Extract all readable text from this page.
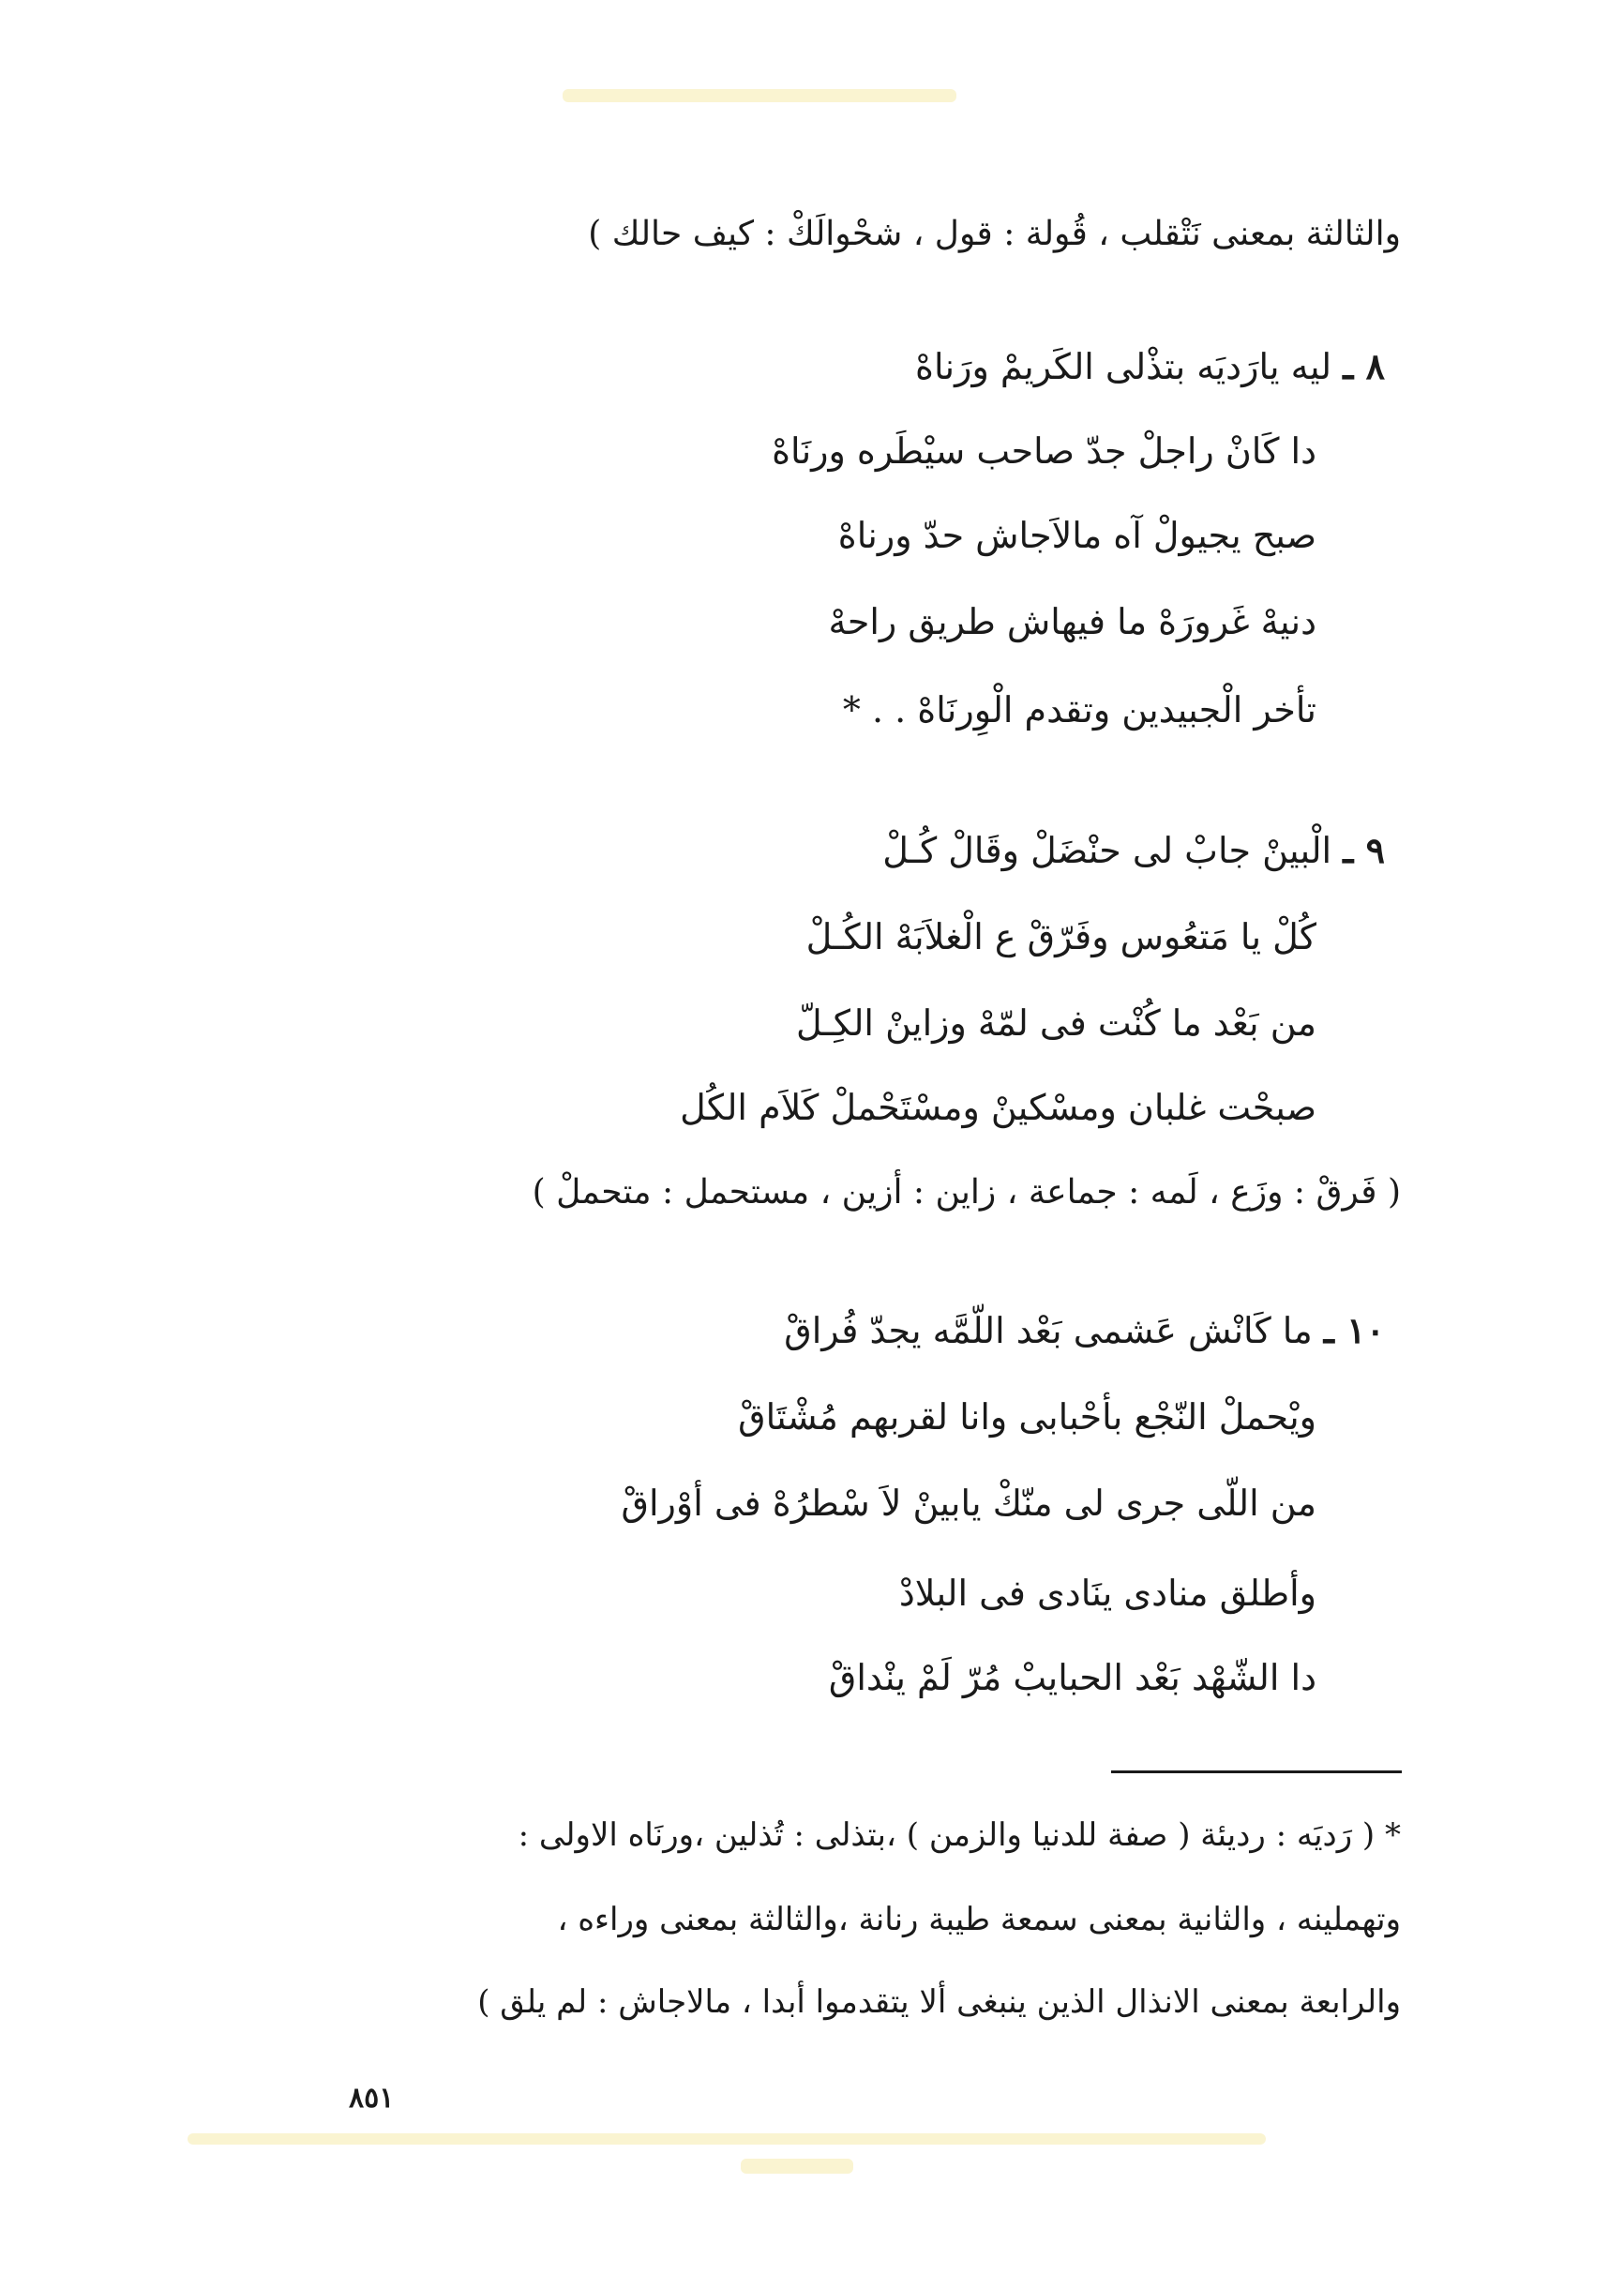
والثالثة بمعنى نَتْقلب ، قُولة : قول ، شحْوالَكْ : كيف حالك )
٨ ـ ليه يارَديَه بتذْلى الكَريمْ ورَناهْ
دا كَانْ راجلْ جدّ صاحب سيْطَره ورنَاهْ
صبح يجيولْ آه مالاَجاش حدّ ورناهْ
دنيهْ غَرورَهْ ما فيهاش طريق راحهْ
تأخر الْجبيدين وتقدم الْوِرنَاهْ . . *
٩ ـ الْبينْ جابْ لى حنْضَلْ وقَالْ كُـلْ
كُلْ يا مَتعُوس وفَرّقْ ع الْغلاَبَهْ الكُـلْ
من بَعْد ما كُنْت فى لمّهْ وزاينْ الكِـلّ
صبحْت غلبان ومسْكينْ ومسْتَحْملْ كَلاَم الكُل
( فَرقْ : وزَع ، لَمه : جماعة ، زاين : أزين ، مستحمل : متحملْ )
١٠ ـ ما كَانْش عَشمى بَعْد اللّمَّه يجدّ فُراقْ
ويْحملْ النّجْع بأحْبابى وانا لقربهم مُشْتَاقْ
من اللّى جرى لى منّكْ يابينْ لاَ سْطرُهْ فى أوْراقْ
وأطلق منادى ينَادى فى البلادْ
دا الشّهْد بَعْد الحبايبْ مُرّ لَمْ ينْداقْ
* ( رَديَه : رديئة ( صفة للدنيا والزمن ) ،بتذلى : تُذلين ،ورنَاه الاولى :
وتهملينه ، والثانية بمعنى سمعة طيبة رنانة ،والثالثة بمعنى وراءه ،
والرابعة بمعنى الانذال الذين ينبغى ألا يتقدموا أبدا ، مالاجاش : لم يلق )
٨٥١
